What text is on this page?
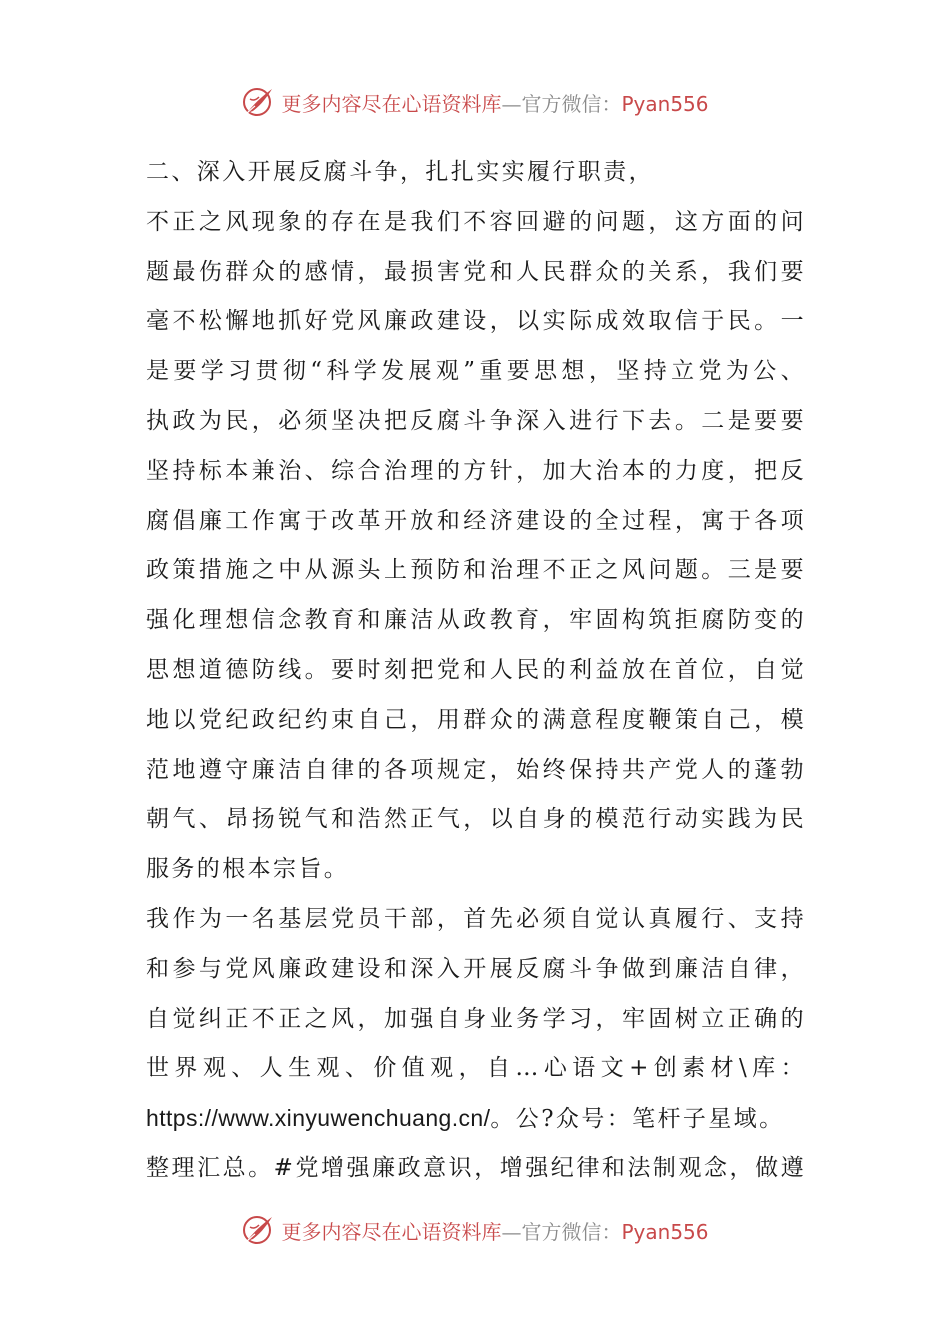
更多内容尽在心语资料库—官方微信：Pyan556
二、深入开展反腐斗争，扎扎实实履行职责，
不正之风现象的存在是我们不容回避的问题，这方面的问
题最伤群众的感情，最损害党和人民群众的关系，我们要
毫不松懈地抓好党风廉政建设，以实际成效取信于民。一
是要学习贯彻“科学发展观”重要思想，坚持立党为公、
执政为民，必须坚决把反腐斗争深入进行下去。二是要要
坚持标本兼治、综合治理的方针，加大治本的力度，把反
腐倡廉工作寓于改革开放和经济建设的全过程，寓于各项
政策措施之中从源头上预防和治理不正之风问题。三是要
强化理想信念教育和廉洁从政教育，牢固构筑拒腐防变的
思想道德防线。要时刻把党和人民的利益放在首位，自觉
地以党纪政纪约束自己，用群众的满意程度鞭策自己，模
范地遵守廉洁自律的各项规定，始终保持共产党人的蓬勃
朝气、昂扬锐气和浩然正气，以自身的模范行动实践为民
服务的根本宗旨。
我作为一名基层党员干部，首先必须自觉认真履行、支持
和参与党风廉政建设和深入开展反腐斗争做到廉洁自律，
自觉纠正不正之风，加强自身业务学习，牢固树立正确的
世界观、人生观、价值观，自…心语文+创素材\库：
https://www.xinyuwenchuang.cn/。公?众号：笔杆子星域。
整理汇总。#党增强廉政意识，增强纪律和法制观念，做遵
更多内容尽在心语资料库—官方微信：Pyan556
